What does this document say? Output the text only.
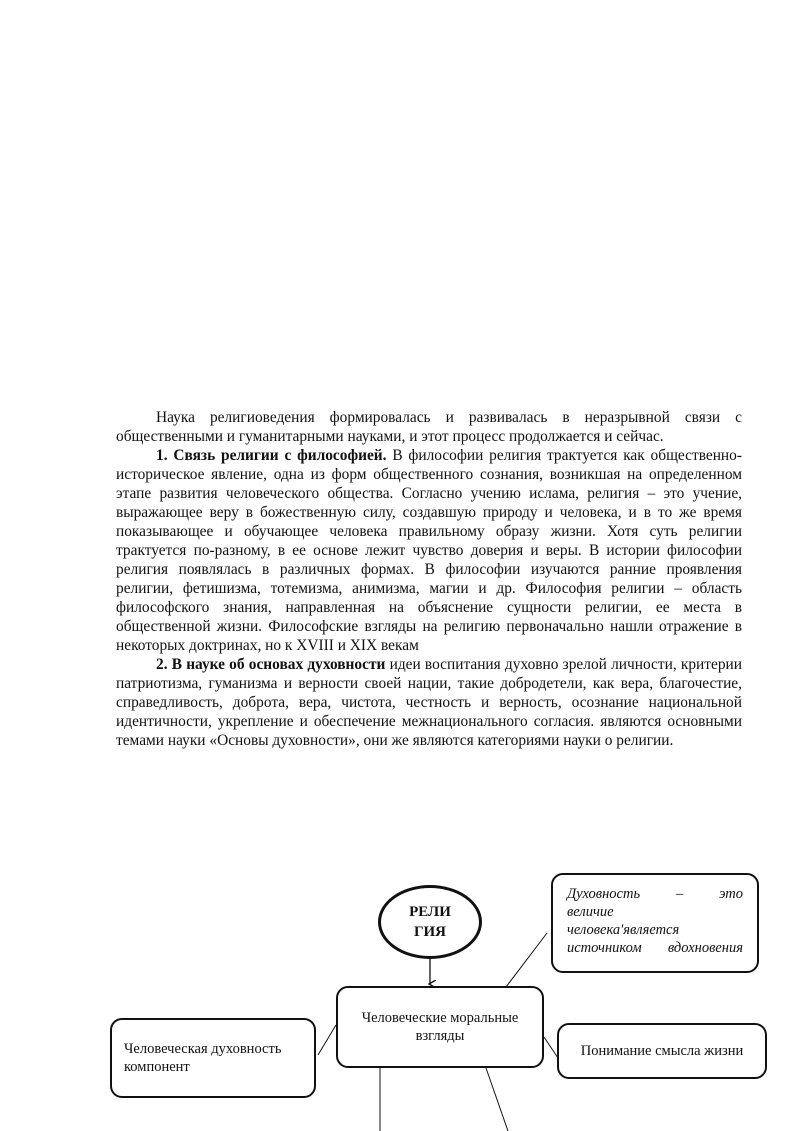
Наука религиоведения формировалась и развивалась в неразрывной связи с общественными и гуманитарными науками, и этот процесс продолжается и сейчас.

1. Связь религии с философией. В философии религия трактуется как общественно-историческое явление, одна из форм общественного сознания, возникшая на определенном этапе развития человеческого общества. Согласно учению ислама, религия – это учение, выражающее веру в божественную силу, создавшую природу и человека, и в то же время показывающее и обучающее человека правильному образу жизни. Хотя суть религии трактуется по-разному, в ее основе лежит чувство доверия и веры. В истории философии религия появлялась в различных формах. В философии изучаются ранние проявления религии, фетишизма, тотемизма, анимизма, магии и др. Философия религии – область философского знания, направленная на объяснение сущности религии, ее места в общественной жизни. Философские взгляды на религию первоначально нашли отражение в некоторых доктринах, но к XVIII и XIX векам

2. В науке об основах духовности идеи воспитания духовно зрелой личности, критерии патриотизма, гуманизма и верности своей нации, такие добродетели, как вера, благочестие, справедливость, доброта, вера, чистота, честность и верность, осознание национальной идентичности, укрепление и обеспечение межнационального согласия. являются основными темами науки «Основы духовности», они же являются категориями науки о религии.

РЕЛИ
ГИЯ
Человеческие моральные взгляды
Человеческая духовность компонент
Понимание смысла жизни
Духовность – это
величие
человека'является
источником вдохновения
